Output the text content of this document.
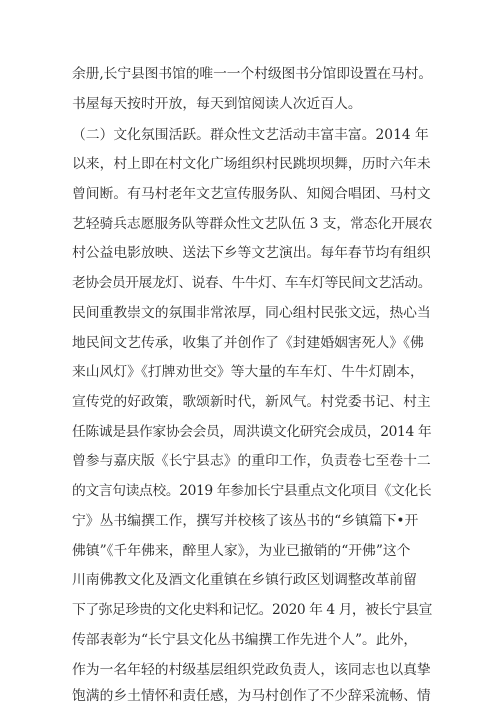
余册,长宁县图书馆的唯一一个村级图书分馆即设置在马村。
书屋每天按时开放，每天到馆阅读人次近百人。
（二）文化氛围活跃。群众性文艺活动丰富丰富。2014 年
以来，村上即在村文化广场组织村民跳坝坝舞，历时六年未
曾间断。有马村老年文艺宣传服务队、知阅合唱团、马村文
艺轻骑兵志愿服务队等群众性文艺队伍 3 支，常态化开展农
村公益电影放映、送法下乡等文艺演出。每年春节均有组织
老协会员开展龙灯、说春、牛牛灯、车车灯等民间文艺活动。
民间重教崇文的氛围非常浓厚，同心组村民张文远，热心当
地民间文艺传承，收集了并创作了《封建婚姻害死人》《佛
来山风灯》《打牌劝世交》等大量的车车灯、牛牛灯剧本，
宣传党的好政策，歌颂新时代，新风气。村党委书记、村主
任陈诚是县作家协会会员，周洪谟文化研究会成员，2014 年
曾参与嘉庆版《长宁县志》的重印工作，负责卷七至卷十二
的文言句读点校。2019 年参加长宁县重点文化项目《文化长
宁》丛书编撰工作，撰写并校核了该丛书的“乡镇篇下•开
佛镇”《千年佛来，醉里人家》，为业已撤销的“开佛”这个
川南佛教文化及酒文化重镇在乡镇行政区划调整改革前留
下了弥足珍贵的文化史料和记忆。2020 年 4 月，被长宁县宣
传部表彰为“长宁县文化丛书编撰工作先进个人”。此外，
作为一名年轻的村级基层组织党政负责人，该同志也以真挚
饱满的乡土情怀和责任感，为马村创作了不少辞采流畅、情
